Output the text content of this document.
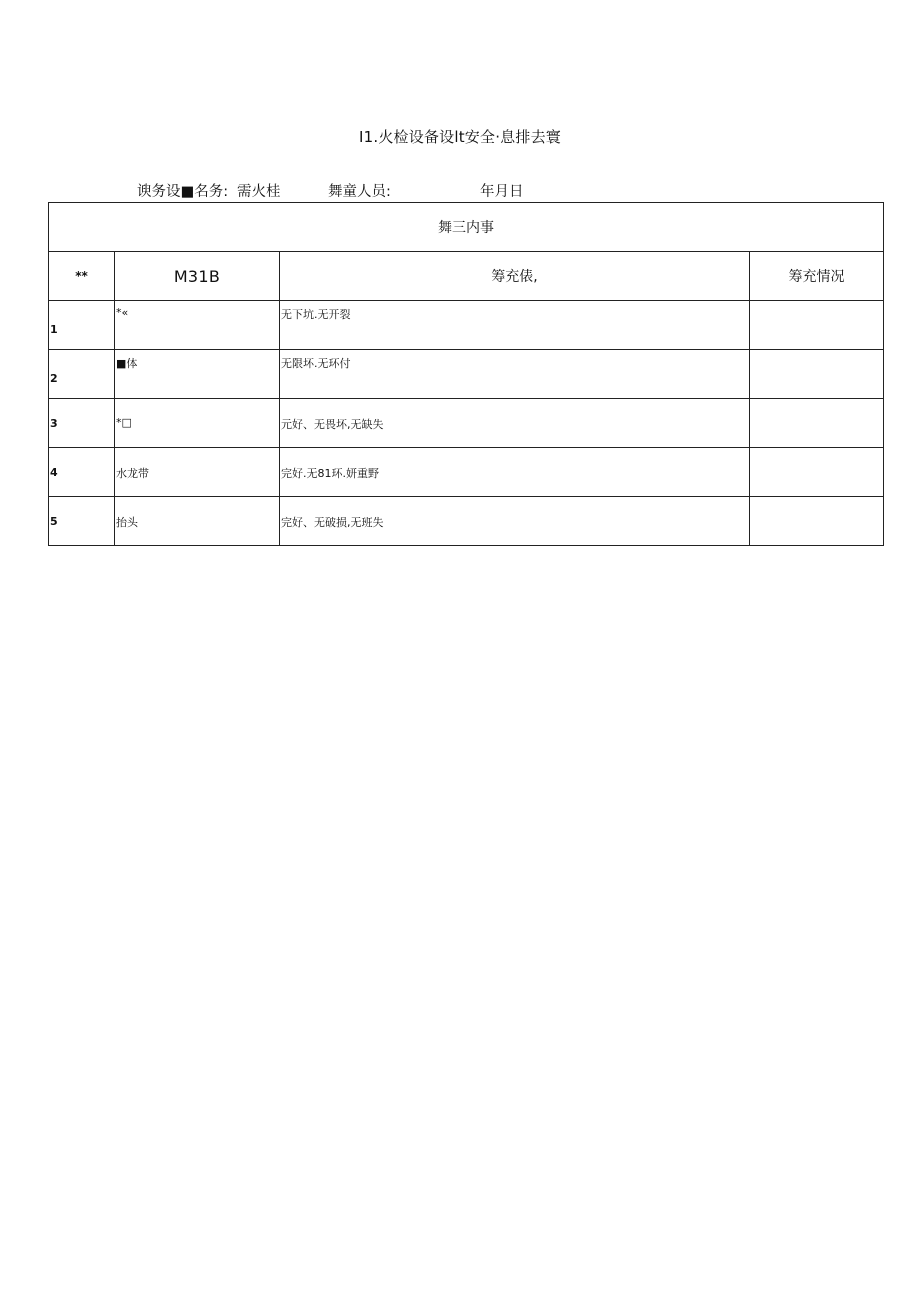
I1.火检设备设lt安全·息排去寰
谀务设■名务: 需火桂	舞童人员:	年月日
舞三内事			
**	M31B	筹充俵,	筹充情况

1	*«	无下坑.无开裂	

2	■体	无限坏.无环付	

3	*□	元好、无畏坏,无缺失	

4	水龙带	完好.无81环.妍重野	

5	抬头	完好、无破损,无班失	
